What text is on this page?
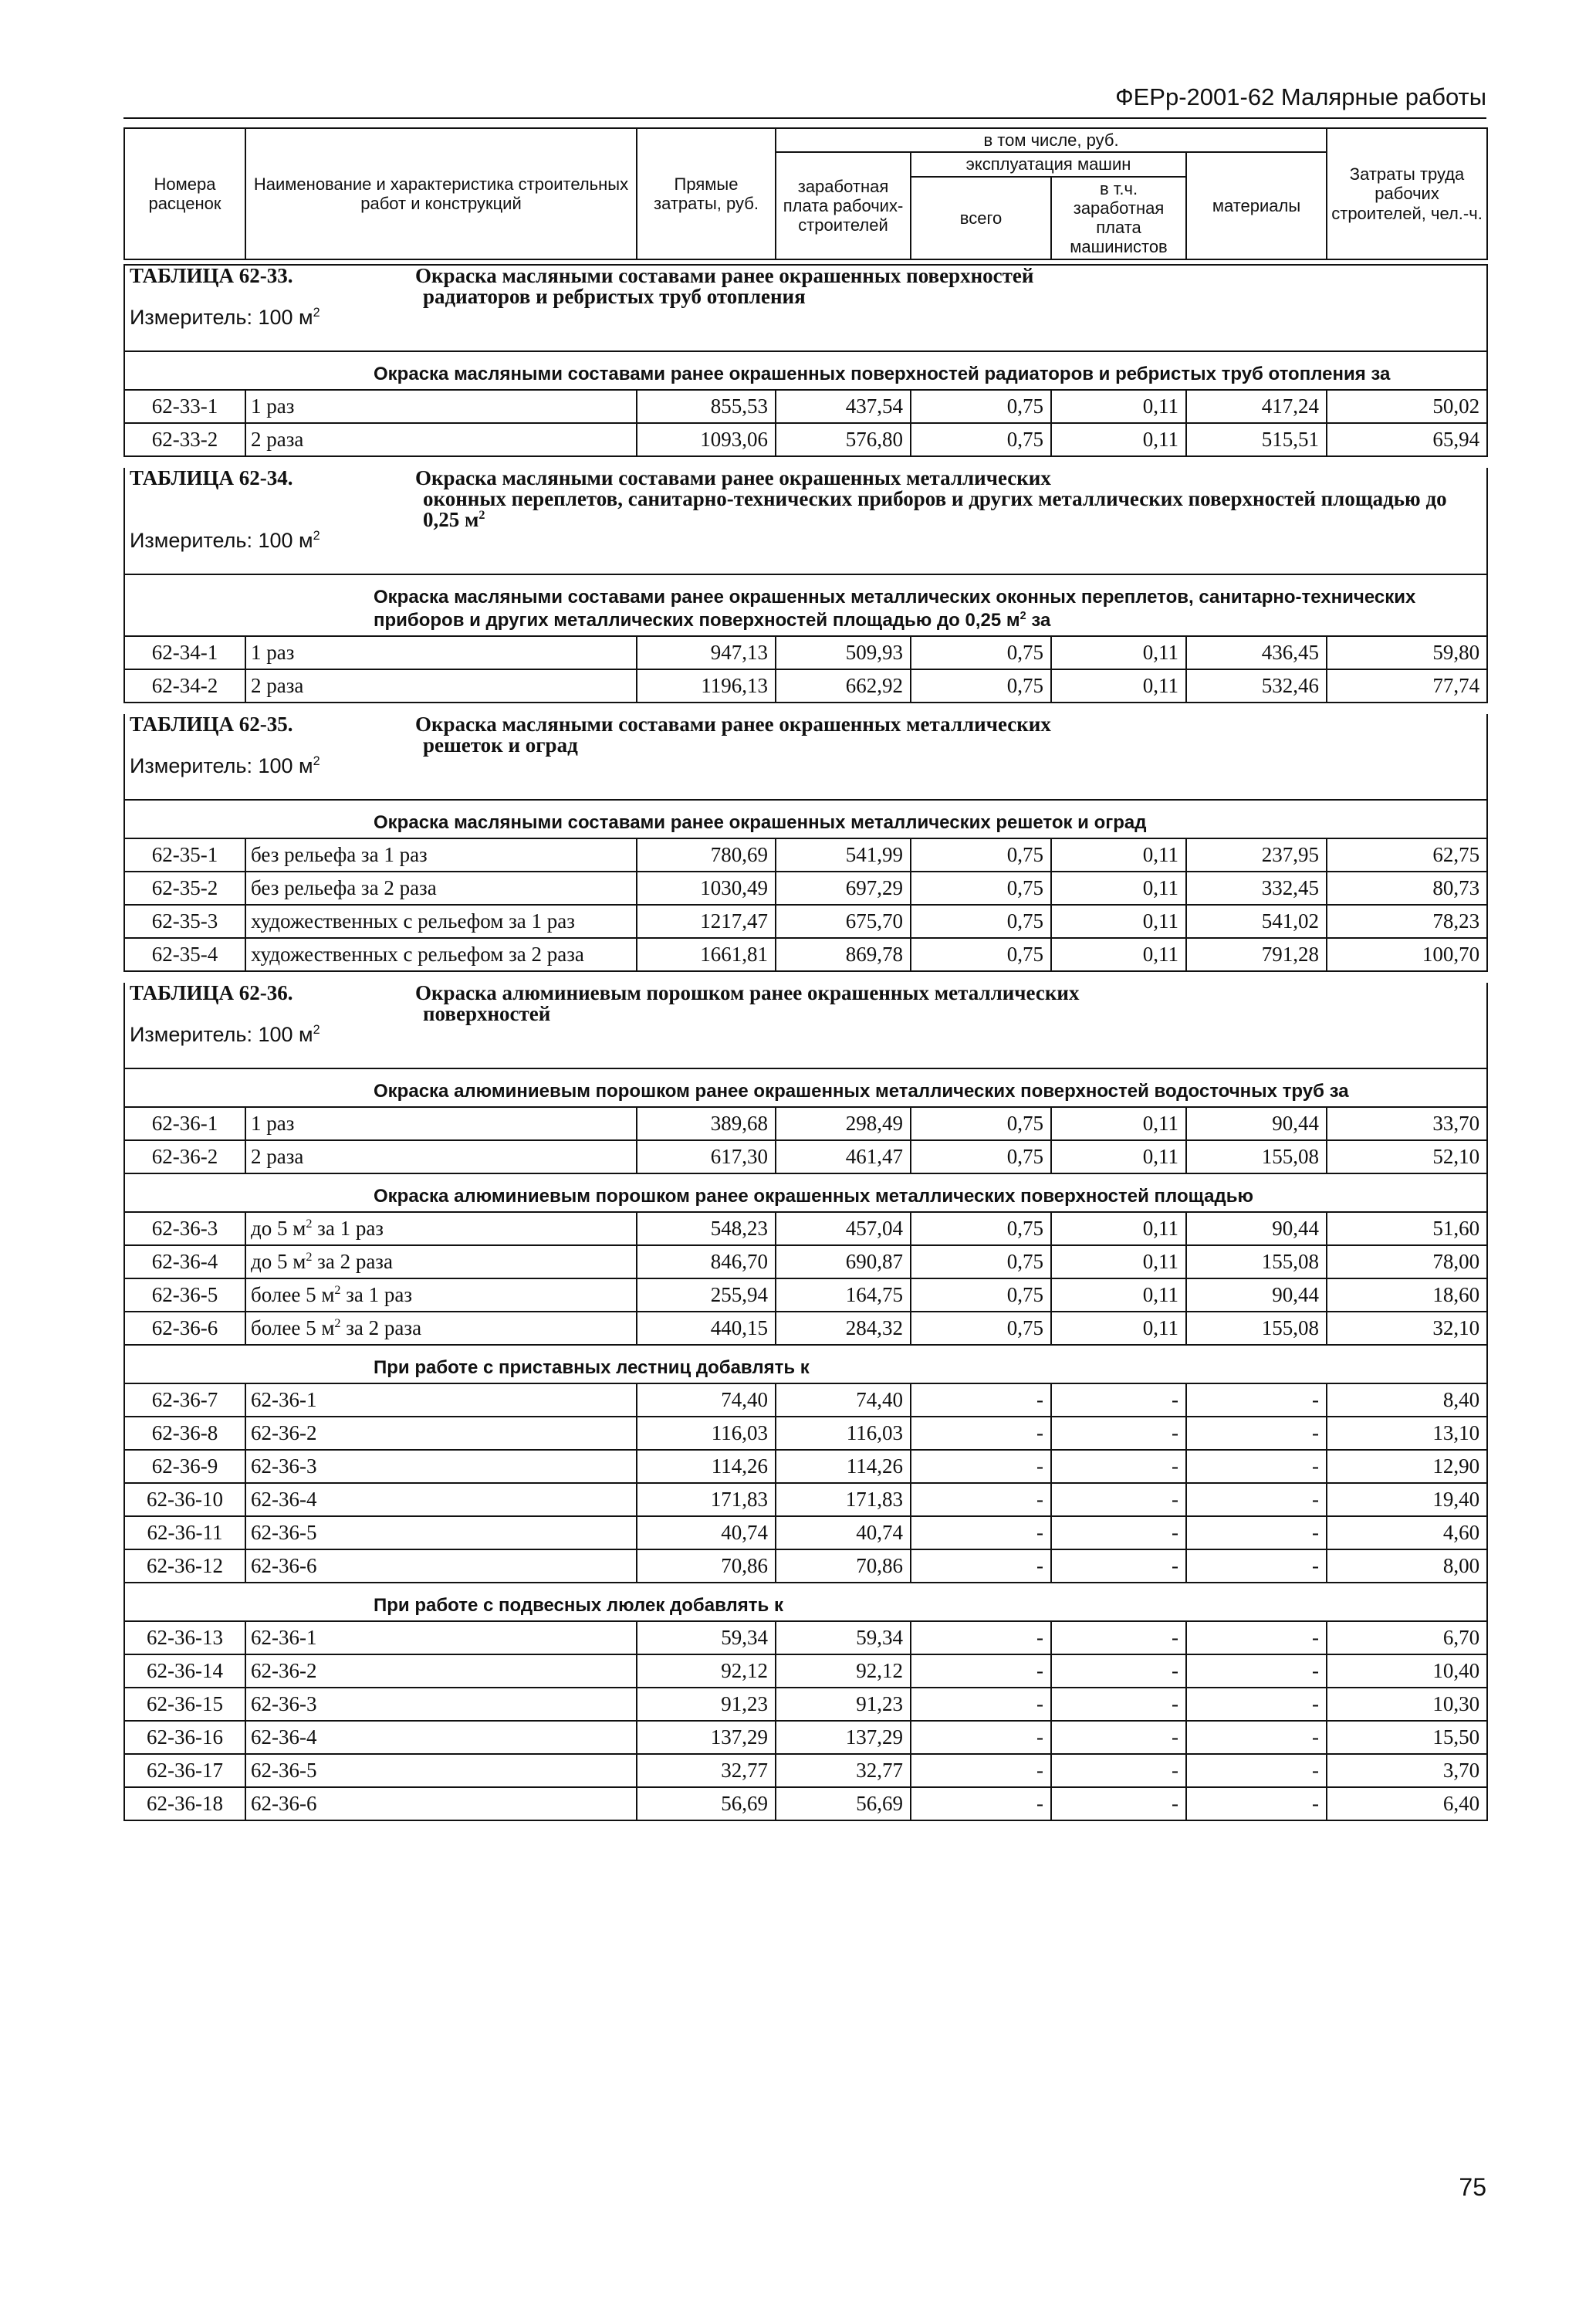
ФЕРр-2001-62 Малярные работы
Номера расценок	Наименование и характеристика строительных работ и конструкций	Прямые затраты, руб.	в том числе, руб.				Затраты труда рабочих строителей, чел.-ч.
			заработная плата рабочих-строителей	эксплуатация машин		материалы	
				всего	в т.ч. заработная плата машинистов		

ТАБЛИЦА 62-33. Окраска масляными составами ранее окрашенных поверхностей
радиаторов и ребристых труб отопления							

Измеритель: 100 $м^2$
Окраска масляными составами ранее окрашенных поверхностей радиаторов и ребристых труб отопления за							
62-33-1	1 раз	855,53	437,54	0,75	0,11	417,24	50,02
62-33-2	2 раза	1093,06	576,80	0,75	0,11	515,51	65,94

ТАБЛИЦА 62-34. Окраска масляными составами ранее окрашенных металлических
оконных переплетов, санитарно-технических приборов и других металлических поверхностей площадью до 0,25 $м^2$

Измеритель: 100 $м^2$
Окраска масляными составами ранее окрашенных металлических оконных переплетов, санитарно-технических приборов и других металлических поверхностей площадью до 0,25 $м^2$ за							
62-34-1	1 раз	947,13	509,93	0,75	0,11	436,45	59,80
62-34-2	2 раза	1196,13	662,92	0,75	0,11	532,46	77,74

ТАБЛИЦА 62-35. Окраска масляными составами ранее окрашенных металлических
решеток и оград							

Измеритель: 100 $м^2$
Окраска масляными составами ранее окрашенных металлических решеток и оград							
62-35-1	без рельефа за 1 раз	780,69	541,99	0,75	0,11	237,95	62,75
62-35-2	без рельефа за 2 раза	1030,49	697,29	0,75	0,11	332,45	80,73
62-35-3	художественных с рельефом за 1 раз	1217,47	675,70	0,75	0,11	541,02	78,23
62-35-4	художественных с рельефом за 2 раза	1661,81	869,78	0,75	0,11	791,28	100,70

ТАБЛИЦА 62-36. Окраска алюминиевым порошком ранее окрашенных металлических
поверхностей							

Измеритель: 100 $м^2$
Окраска алюминиевым порошком ранее окрашенных металлических поверхностей водосточных труб за							
62-36-1	1 раз	389,68	298,49	0,75	0,11	90,44	33,70
62-36-2	2 раза	617,30	461,47	0,75	0,11	155,08	52,10
Окраска алюминиевым порошком ранее окрашенных металлических поверхностей площадью							
62-36-3	до 5 $м^2$ за 1 раз	548,23	457,04	0,75	0,11	90,44	51,60
62-36-4	до 5 $м^2$ за 2 раза	846,70	690,87	0,75	0,11	155,08	78,00
62-36-5	более 5 $м^2$ за 1 раз	255,94	164,75	0,75	0,11	90,44	18,60
62-36-6	более 5 $м^2$ за 2 раза	440,15	284,32	0,75	0,11	155,08	32,10
При работе с приставных лестниц добавлять к							
62-36-7	62-36-1	74,40	74,40	-	-	-	8,40
62-36-8	62-36-2	116,03	116,03	-	-	-	13,10
62-36-9	62-36-3	114,26	114,26	-	-	-	12,90
62-36-10	62-36-4	171,83	171,83	-	-	-	19,40
62-36-11	62-36-5	40,74	40,74	-	-	-	4,60
62-36-12	62-36-6	70,86	70,86	-	-	-	8,00
При работе с подвесных люлек добавлять к							
62-36-13	62-36-1	59,34	59,34	-	-	-	6,70
62-36-14	62-36-2	92,12	92,12	-	-	-	10,40
62-36-15	62-36-3	91,23	91,23	-	-	-	10,30
62-36-16	62-36-4	137,29	137,29	-	-	-	15,50
62-36-17	62-36-5	32,77	32,77	-	-	-	3,70
62-36-18	62-36-6	56,69	56,69	-	-	-	6,40

75
